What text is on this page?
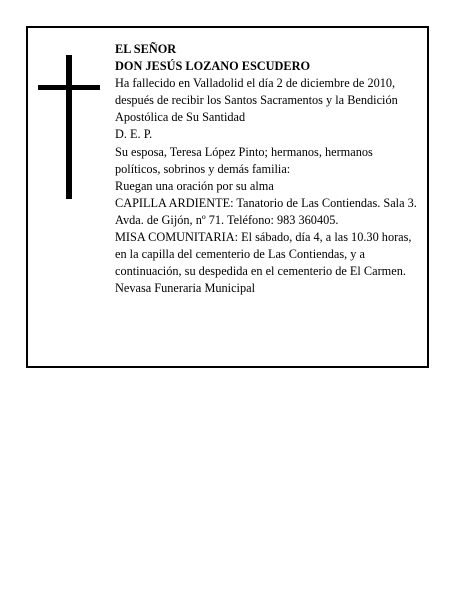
EL SEÑOR

DON JESÚS LOZANO ESCUDERO

Ha fallecido en Valladolid el día 2 de diciembre de 2010, después de recibir los Santos Sacramentos y la Bendición Apostólica de Su Santidad

D. E. P.

Su esposa, Teresa López Pinto; hermanos, hermanos políticos, sobrinos y demás familia:

Ruegan una oración por su alma

CAPILLA ARDIENTE: Tanatorio de Las Contiendas. Sala 3. Avda. de Gijón, nº 71. Teléfono: 983 360405.

MISA COMUNITARIA: El sábado, día 4, a las 10.30 horas, en la capilla del cementerio de Las Contiendas, y a continuación, su despedida en el cementerio de El Carmen.

Nevasa Funeraria Municipal
